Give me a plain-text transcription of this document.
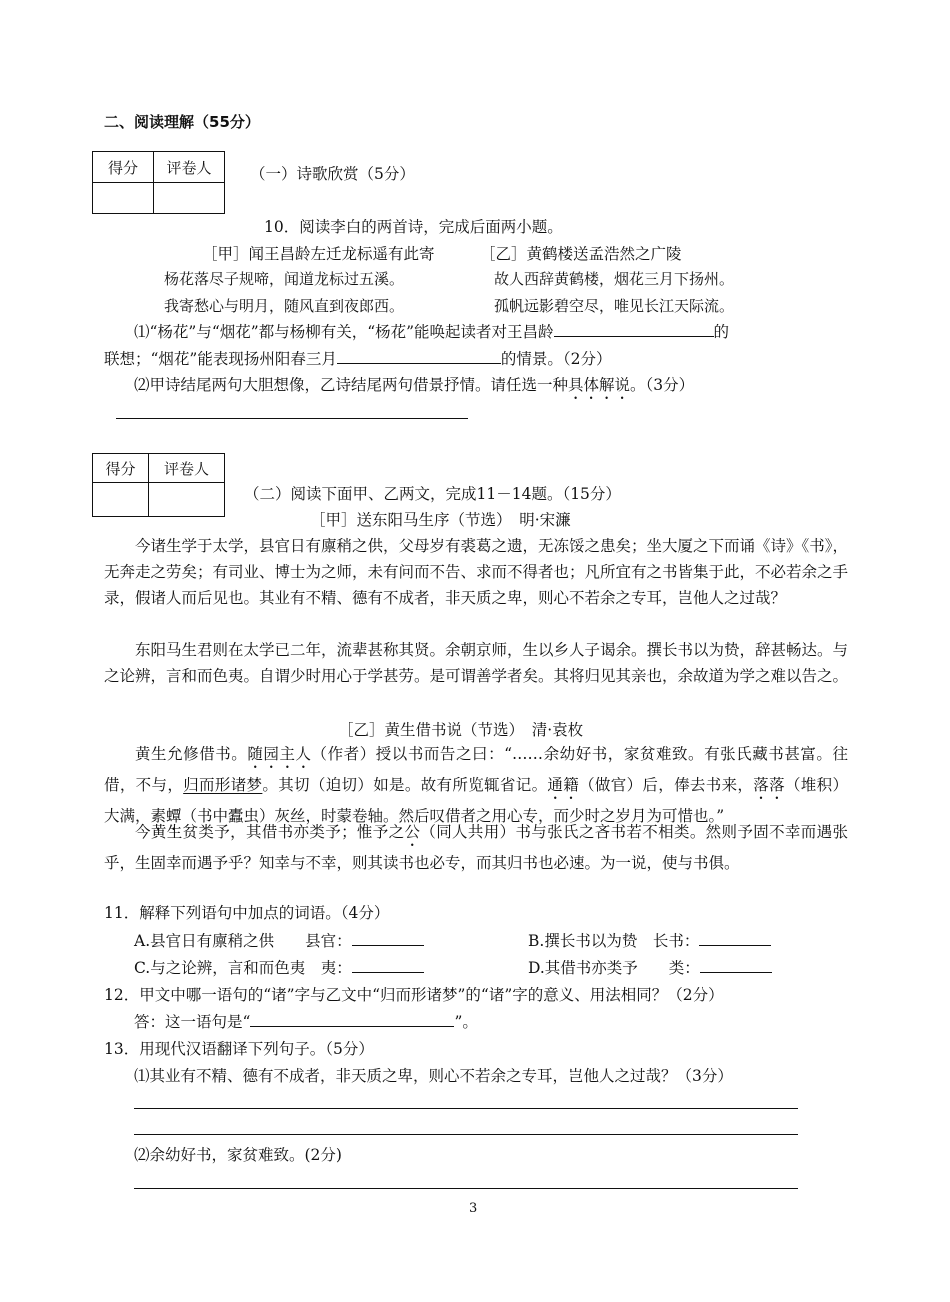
二、阅读理解（55分）
得分	评卷人
	（一）诗歌欣赏（5分）
10．阅读李白的两首诗，完成后面两小题。
［甲］闻王昌龄左迁龙标遥有此寄	［乙］黄鹤楼送孟浩然之广陵
杨花落尽子规啼，闻道龙标过五溪。	故人西辞黄鹤楼，烟花三月下扬州。
我寄愁心与明月，随风直到夜郎西。	孤帆远影碧空尽，唯见长江天际流。
⑴“杨花”与“烟花”都与杨柳有关，“杨花”能唤起读者对王昌龄	的
联想；“烟花”能表现扬州阳春三月	的情景。（2分）
⑵甲诗结尾两句大胆想像，乙诗结尾两句借景抒情。请任选一种具体解说。（3分）
得分	评卷人

（二）阅读下面甲、乙两文，完成11－14题。（15分）
［甲］送东阳马生序（节选）　明·宋濂
今诸生学于太学，县官日有廪稍之供，父母岁有裘葛之遗，无冻馁之患矣；坐大厦之下而诵《诗》《书》，无奔走之劳矣；有司业、博士为之师，未有问而不告、求而不得者也；凡所宜有之书皆集于此，不必若余之手录，假诸人而后见也。其业有不精、德有不成者，非天质之卑，则心不若余之专耳，岂他人之过哉？
东阳马生君则在太学已二年，流辈甚称其贤。余朝京师，生以乡人子谒余。撰长书以为贽，辞甚畅达。与之论辨，言和而色夷。自谓少时用心于学甚劳。是可谓善学者矣。其将归见其亲也，余故道为学之难以告之。
［乙］黄生借书说（节选）　清·袁枚
黄生允修借书。随园主人（作者）授以书而告之曰：“……余幼好书，家贫难致。有张氏藏书甚富。往借，不与，归而形诸梦。其切（迫切）如是。故有所览辄省记。通籍（做官）后，俸去书来，落落（堆积）大满，素蟫（书中蠹虫）灰丝，时蒙卷轴。然后叹借者之用心专，而少时之岁月为可惜也。”
今黄生贫类予，其借书亦类予；惟予之公（同人共用）书与张氏之吝书若不相类。然则予固不幸而遇张乎，生固幸而遇予乎？知幸与不幸，则其读书也必专，而其归书也必速。为一说，使与书俱。
11．解释下列语句中加点的词语。（4分）
A.县官日有廪稍之供　　县官：	B.撰长书以为贽　长书：
C.与之论辨，言和而色夷　夷：	D.其借书亦类予　　类：
12．甲文中哪一语句的“诸”字与乙文中“归而形诸梦”的“诸”字的意义、用法相同？（2分）
答：这一语句是“	”。
13．用现代汉语翻译下列句子。（5分）
⑴其业有不精、德有不成者，非天质之卑，则心不若余之专耳，岂他人之过哉？（3分）
⑵余幼好书，家贫难致。(2分)
3
